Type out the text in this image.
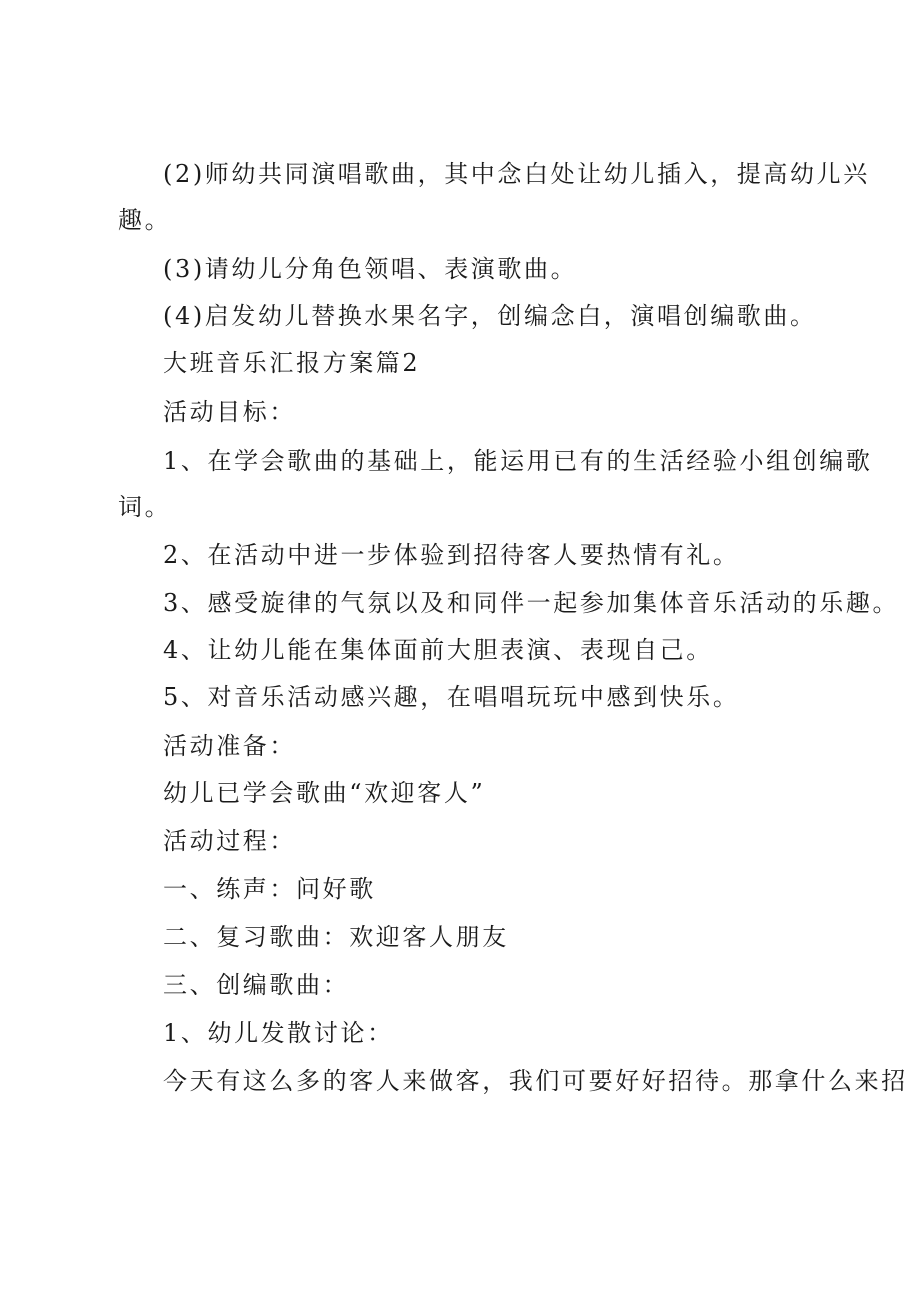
(2)师幼共同演唱歌曲，其中念白处让幼儿插入，提高幼儿兴
趣。
(3)请幼儿分角色领唱、表演歌曲。
(4)启发幼儿替换水果名字，创编念白，演唱创编歌曲。
大班音乐汇报方案篇2
活动目标：
1、在学会歌曲的基础上，能运用已有的生活经验小组创编歌
词。
2、在活动中进一步体验到招待客人要热情有礼。
3、感受旋律的气氛以及和同伴一起参加集体音乐活动的乐趣。
4、让幼儿能在集体面前大胆表演、表现自己。
5、对音乐活动感兴趣，在唱唱玩玩中感到快乐。
活动准备：
幼儿已学会歌曲“欢迎客人”
活动过程：
一、练声：问好歌
二、复习歌曲：欢迎客人朋友
三、创编歌曲：
1、幼儿发散讨论：
今天有这么多的客人来做客，我们可要好好招待。那拿什么来招
